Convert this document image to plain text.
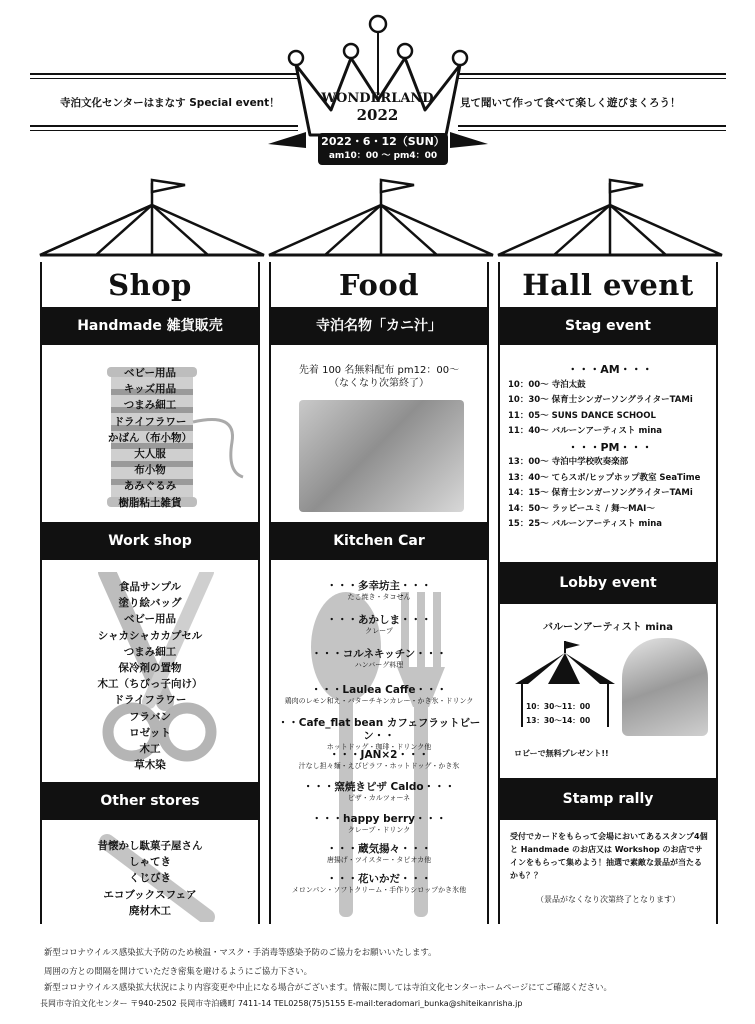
寺泊文化センターはまなす Special event！	見て聞いて作って食べて楽しく遊びまくろう！
WONDERLAND
2022
2022・6・12（SUN）
am10：00 ～ pm4：00
Shop
Handmade 雑貨販売
ベビー用品
キッズ用品
つまみ細工
ドライフラワー
かばん（布小物）
大人服
布小物
あみぐるみ
樹脂粘土雑貨
Work shop
食品サンプル
塗り絵バッグ
ベビー用品
シャカシャカカプセル
つまみ細工
保冷剤の置物
木工（ちびっ子向け）
ドライフラワー
フラバン
ロゼット
木工
草木染
Other stores
昔懐かし駄菓子屋さん
しゃてき
くじびき
エコブックスフェア
廃材木工
Food
寺泊名物「カニ汁」
先着 100 名無料配布 pm12：00～
（なくなり次第終了）
Kitchen Car
・・・多幸坊主・・・
たこ焼き・タコせん
・・・あかしま・・・
クレープ
・・・コルネキッチン・・・
ハンバーグ料理
・・・Laulea Caffe・・・
鶏肉のレモン和え・バターチキンカレー・かき氷・ドリンク
・・Cafe_flat bean カフェフラットビーン・・
ホットドッグ・珈琲・ドリンク他
・・・JAN×2・・・
汁なし担々麺・えびピラフ・ホットドッグ・かき氷
・・・窯焼きピザ Caldo・・・
ピザ・カルツォーネ
・・・happy berry・・・
クレープ・ドリンク
・・・蔵気揚々・・・
唐揚げ・ツイスター・タピオカ他
・・・花いかだ・・・
メロンパン・ソフトクリーム・手作りシロップかき氷他
Hall event
Stag event
・・・AM・・・
10：00～ 寺泊太鼓
10：30～ 保育士シンガーソングライターTAMi
11：05～ SUNS DANCE SCHOOL
11：40～ バルーンアーティスト mina
・・・PM・・・
13：00～ 寺泊中学校吹奏楽部
13：40～ てらスポ/ヒップホップ教室 SeaTime
14：15～ 保育士シンガーソングライターTAMi
14：50～ ラッピーユミ / 舞～MAI～
15：25～ バルーンアーティスト mina
Lobby event
バルーンアーティスト mina
10：30～11：00
13：30～14：00
ロビーで無料プレゼント!!
Stamp rally
受付でカードをもらって会場においてあるスタンプ4個と Handmade のお店又は Workshop のお店でサインをもらって集めよう！抽選で素敵な景品が当たるかも？？
（景品がなくなり次第終了となります）
新型コロナウイルス感染拡大予防のため検温・マスク・手消毒等感染予防のご協力をお願いいたします。
周囲の方との間隔を開けていただき密集を避けるようにご協力下さい。
新型コロナウイルス感染拡大状況により内容変更や中止になる場合がございます。情報に関しては寺泊文化センターホームページにてご確認ください。
長岡市寺泊文化センター 〒940-2502 長岡市寺泊磯町 7411-14 TEL0258(75)5155 E-mail:teradomari_bunka@shiteikanrisha.jp
